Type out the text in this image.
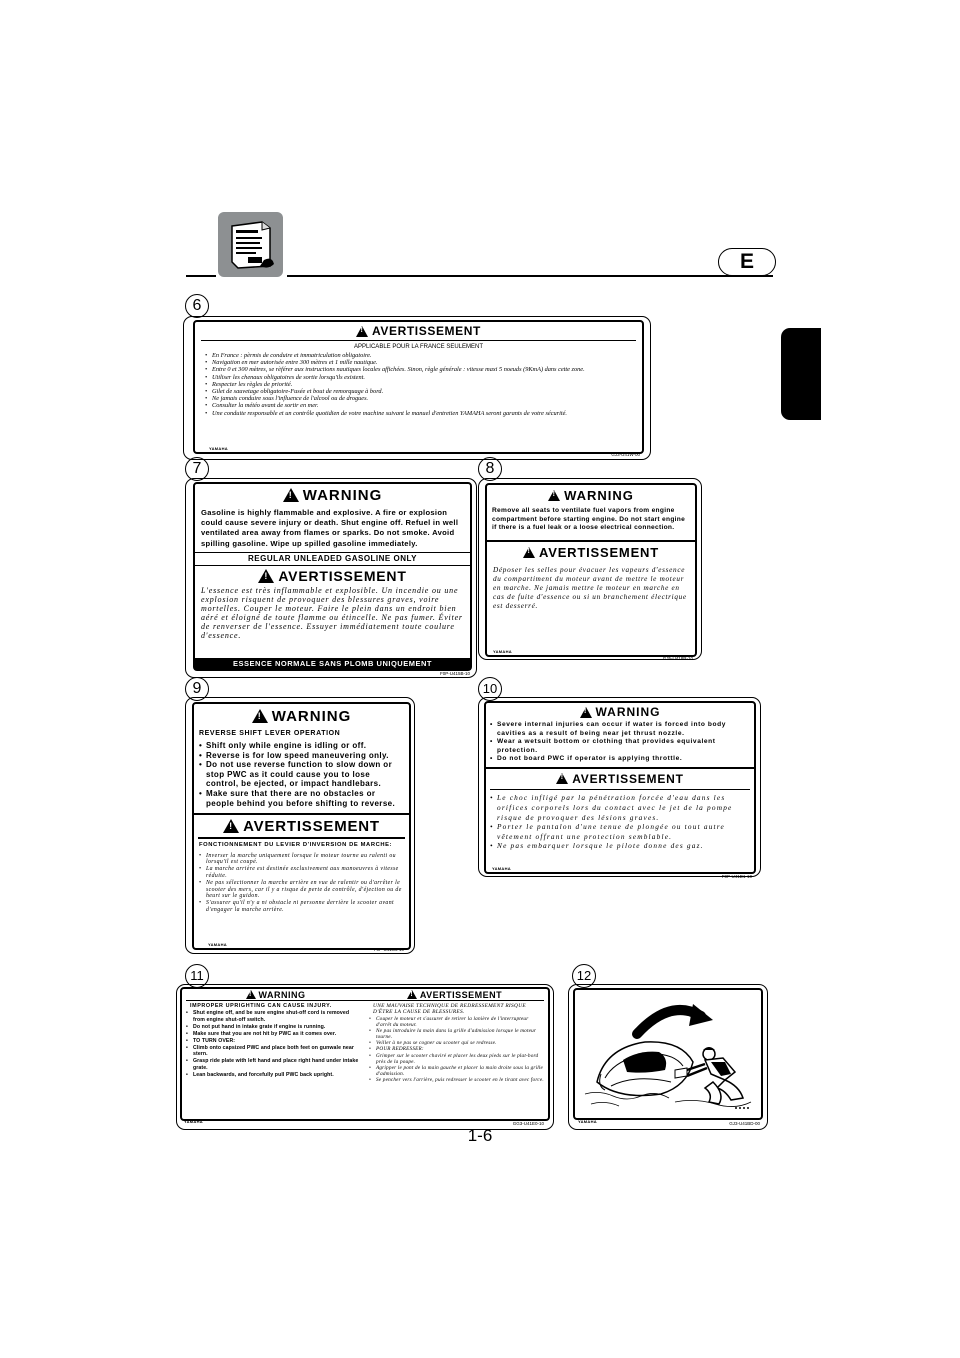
E
6
!
AVERTISSEMENT
APPLICABLE POUR LA FRANCE SEULEMENT
• En France : pèrmis de conduire et immatriculation obligatoire.
• Navigation en mer autorisée entre 300 mètres et 1 mille nautique.
• Entre 0 et 300 mètres, se rèférer aux instructions nautiques locales affichées. Sinon, règle générale : vitesse maxi 5 noeuds (9KmA) dans cette zone.
• Utiliser les chenaux obligatoires de sortie lorsqu'ils existent.
• Respecter les règles de priorité.
• Gilet de sauvetage obligatoire-Fusée et bout de remorquage à bord.
• Ne jamais conduire sous l'influence de l'alcool ou de drogues.
• Consulter la météo avant de sortir en mer.
• Une conduite responsable et un contrôle quotidien de votre machine suivant le manuel d'entretien YAMAHA seront garants de votre sécurité.
YAMAHA
GJ3-U41W-00
7
!
WARNING
Gasoline is highly flammable and explosive. A fire or explosion could cause severe injury or death. Shut engine off. Refuel in well ventilated area away from flames or sparks. Do not smoke. Avoid spilling gasoline. Wipe up spilled gasoline immediately.
REGULAR UNLEADED GASOLINE ONLY
!
AVERTISSEMENT
L'essence est très inflammable et explosible. Un incendie ou une explosion risquent de provoquer des blessures graves, voire mortelles. Couper le moteur. Faire le plein dans un endroit bien aéré et éloigné de toute flamme ou étincelle. Ne pas fumer. Éviter de renverser de l'essence. Essuyer immédiatement toute coulure d'essence.
ESSENCE NORMALE SANS PLOMB UNIQUEMENT
YAMAHA
F0P-U415B-10
8
!
WARNING
Remove all seats to ventilate fuel vapors from engine compartment before starting engine. Do not start engine if there is a fuel leak or a loose electrical connection.
!
AVERTISSEMENT
Déposer les selles pour évacuer les vapeurs d'essence du compartiment du moteur avant de mettre le moteur en marche. Ne jamais mettre le moteur en marche en cas de fuite d'essence ou si un branchement électrique est desserré.
YAMAHA
GJ5-U418R-10
9
!
WARNING
REVERSE SHIFT LEVER OPERATION
• Shift only while engine is idling or off.
• Reverse is for low speed maneuvering only.
• Do not use reverse function to slow down or stop PWC as it could cause you to lose control, be ejected, or impact handlebars.
• Make sure that there are no obstacles or people behind you before shifting to reverse.
!
AVERTISSEMENT
FONCTIONNEMENT DU LEVIER D'INVERSION DE MARCHE:
• Inverser la marche uniquement lorsque le moteur tourne au ralenti ou lorsqu'il est coupé.
• La marche arrière est destinée exclusivement aux manoeuvres à vitesse réduite.
• Ne pas sélectionner la marche arrière en vue de ralentir ou d'arrêter le scooter des mers, car il y a risque de perte de contrôle, d'éjection ou de heurt sur le guidon.
• S'assurer qu'il n'y a ni obstacle ni personne derrière le scooter avant d'engager la marche arrière.
YAMAHA
F0P-U41C6-10
10
!
WARNING
• Severe internal injuries can occur if water is forced into body cavities as a result of being near jet thrust nozzle.
• Wear a wetsuit bottom or clothing that provides equivalent protection.
• Do not board PWC if operator is applying throttle.
!
AVERTISSEMENT
• Le choc infligé par la pénétration forcée d'eau dans les orifices corporels lors du contact avec le jet de la pompe risque de provoquer des lésions graves.
• Porter le pantalon d'une tenue de plongée ou tout autre vêtement offrant une protection semblable.
• Ne pas embarquer lorsque le pilote donne des gaz.
YAMAHA
F0P-U41D1-10
11
!
WARNING
!	AVERTISSEMENT
IMPROPER UPRIGHTING CAN CAUSE INJURY.
• Shut engine off, and be sure engine shut-off cord is removed from engine shut-off switch.
• Do not put hand in intake grate if engine is running.
• Make sure that you are not hit by PWC as it comes over.
• TO TURN OVER:
• Climb onto capsized PWC and place both feet on gunwale near stern.
• Grasp ride plate with left hand and place right hand under intake grate.
• Lean backwards, and forcefully pull PWC back upright.
UNE MAUVAISE TECHNIQUE DE REDRESSEMENT RISQUE D'ÊTRE LA CAUSE DE BLESSURES.
• Couper le moteur et s'assurer de retirer la lanière de l'interrupteur d'arrêt du moteur.
• Ne pas introduire la main dans la grille d'admission lorsque le moteur tourne.
• Veiller à ne pas se cogner au scooter qui se redresse.
• POUR REDRESSER:
• Grimper sur le scooter chaviré et placer les deux pieds sur le plat-bord près de la poupe.
• Agripper le pont de la main gauche et placer la main droite sous la grille d'admission.
• Se pencher vers l'arrière, puis redresser le scooter en le tirant avec force.
YAMAHA	GG3-U41E0-10
12
YAMAHA	GJ3-U41BD-00
1-6
